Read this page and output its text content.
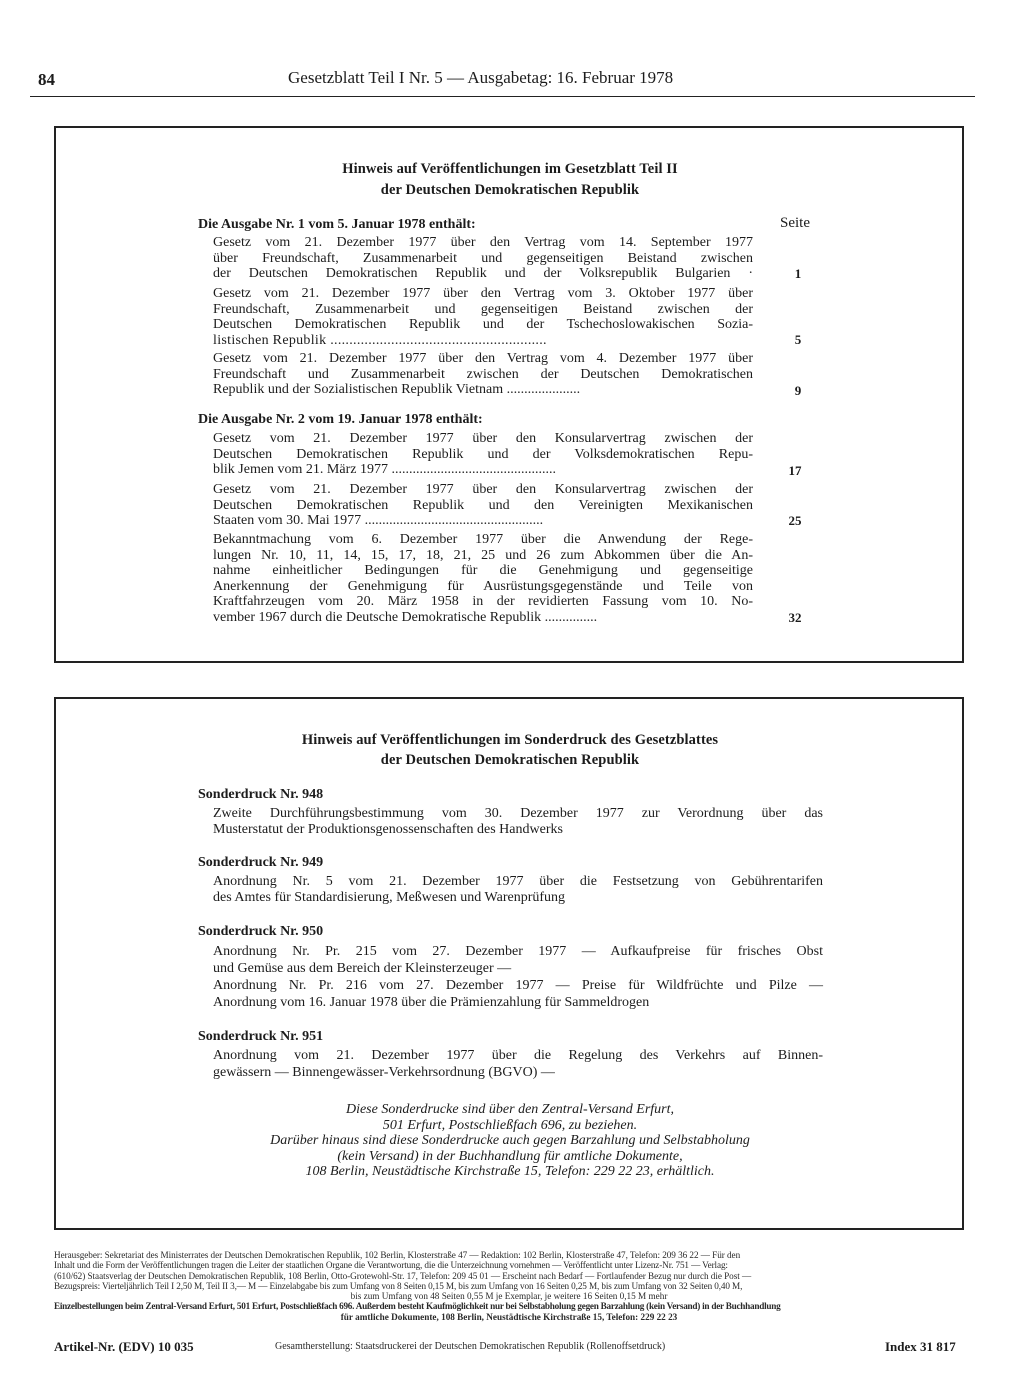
84	Gesetzblatt Teil I Nr. 5 — Ausgabetag: 16. Februar 1978
Hinweis auf Veröffentlichungen im Gesetzblatt Teil II
der Deutschen Demokratischen Republik
Seite
Die Ausgabe Nr. 1 vom 5. Januar 1978 enthält:
Gesetz vom 21. Dezember 1977 über den Vertrag vom 14. September 1977
über Freundschaft, Zusammenarbeit und gegenseitigen Beistand zwischen
der Deutschen Demokratischen Republik und der Volksrepublik Bulgarien ·	1
Gesetz vom 21. Dezember 1977 über den Vertrag vom 3. Oktober 1977 über
Freundschaft, Zusammenarbeit und gegenseitigen Beistand zwischen der
Deutschen Demokratischen Republik und der Tschechoslowakischen Sozia-
listischen Republik .........................................................	5
Gesetz vom 21. Dezember 1977 über den Vertrag vom 4. Dezember 1977 über
Freundschaft und Zusammenarbeit zwischen der Deutschen Demokratischen
Republik und der Sozialistischen Republik Vietnam .....................	9
Die Ausgabe Nr. 2 vom 19. Januar 1978 enthält:
Gesetz vom 21. Dezember 1977 über den Konsularvertrag zwischen der
Deutschen Demokratischen Republik und der Volksdemokratischen Repu-
blik Jemen vom 21. März 1977 ...............................................	17
Gesetz vom 21. Dezember 1977 über den Konsularvertrag zwischen der
Deutschen Demokratischen Republik und den Vereinigten Mexikanischen
Staaten vom 30. Mai 1977 ...................................................	25
Bekanntmachung vom 6. Dezember 1977 über die Anwendung der Rege-
lungen Nr. 10, 11, 14, 15, 17, 18, 21, 25 und 26 zum Abkommen über die An-
nahme einheitlicher Bedingungen für die Genehmigung und gegenseitige
Anerkennung der Genehmigung für Ausrüstungsgegenstände und Teile von
Kraftfahrzeugen vom 20. März 1958 in der revidierten Fassung vom 10. No-
vember 1967 durch die Deutsche Demokratische Republik ...............	32
Hinweis auf Veröffentlichungen im Sonderdruck des Gesetzblattes
der Deutschen Demokratischen Republik
Sonderdruck Nr. 948
Zweite Durchführungsbestimmung vom 30. Dezember 1977 zur Verordnung über das
Musterstatut der Produktionsgenossenschaften des Handwerks
Sonderdruck Nr. 949
Anordnung Nr. 5 vom 21. Dezember 1977 über die Festsetzung von Gebührentarifen
des Amtes für Standardisierung, Meßwesen und Warenprüfung
Sonderdruck Nr. 950
Anordnung Nr. Pr. 215 vom 27. Dezember 1977 — Aufkaufpreise für frisches Obst
und Gemüse aus dem Bereich der Kleinsterzeuger —
Anordnung Nr. Pr. 216 vom 27. Dezember 1977 — Preise für Wildfrüchte und Pilze —
Anordnung vom 16. Januar 1978 über die Prämienzahlung für Sammeldrogen
Sonderdruck Nr. 951
Anordnung vom 21. Dezember 1977 über die Regelung des Verkehrs auf Binnen-
gewässern — Binnengewässer-Verkehrsordnung (BGVO) —
Diese Sonderdrucke sind über den Zentral-Versand Erfurt,
501 Erfurt, Postschließfach 696, zu beziehen.
Darüber hinaus sind diese Sonderdrucke auch gegen Barzahlung und Selbstabholung
(kein Versand) in der Buchhandlung für amtliche Dokumente,
108 Berlin, Neustädtische Kirchstraße 15, Telefon: 229 22 23, erhältlich.
Herausgeber: Sekretariat des Ministerrates der Deutschen Demokratischen Republik, 102 Berlin, Klosterstraße 47 — Redaktion: 102 Berlin, Klosterstraße 47, Telefon: 209 36 22 — Für den
Inhalt und die Form der Veröffentlichungen tragen die Leiter der staatlichen Organe die Verantwortung, die die Unterzeichnung vornehmen — Veröffentlicht unter Lizenz-Nr. 751 — Verlag:
(610/62) Staatsverlag der Deutschen Demokratischen Republik, 108 Berlin, Otto-Grotewohl-Str. 17, Telefon: 209 45 01 — Erscheint nach Bedarf — Fortlaufender Bezug nur durch die Post —
Bezugspreis: Vierteljährlich Teil I 2,50 M, Teil II 3,— M — Einzelabgabe bis zum Umfang von 8 Seiten 0,15 M, bis zum Umfang von 16 Seiten 0,25 M, bis zum Umfang von 32 Seiten 0,40 M,
bis zum Umfang von 48 Seiten 0,55 M je Exemplar, je weitere 16 Seiten 0,15 M mehr
Einzelbestellungen beim Zentral-Versand Erfurt, 501 Erfurt, Postschließfach 696. Außerdem besteht Kaufmöglichkeit nur bei Selbstabholung gegen Barzahlung (kein Versand) in der Buchhandlung
für amtliche Dokumente, 108 Berlin, Neustädtische Kirchstraße 15, Telefon: 229 22 23
Artikel-Nr. (EDV) 10 035	Gesamtherstellung: Staatsdruckerei der Deutschen Demokratischen Republik (Rollenoffsetdruck)	Index 31 817
